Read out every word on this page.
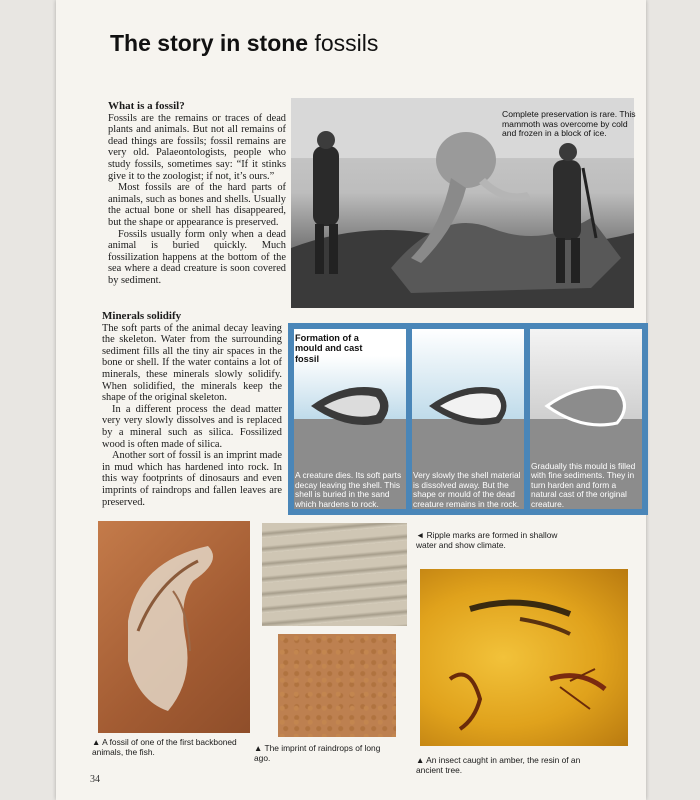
The story in stone fossils
What is a fossil?

Fossils are the remains or traces of dead plants and animals. But not all remains of dead things are fossils; fossil remains are very old. Palaeontologists, people who study fossils, sometimes say: “If it stinks give it to the zoologist; if not, it’s ours.”

Most fossils are of the hard parts of animals, such as bones and shells. Usually the actual bone or shell has disappeared, but the shape or appearance is preserved.

Fossils usually form only when a dead animal is buried quickly. Much fossilization happens at the bottom of the sea where a dead creature is soon covered by sediment.

Minerals solidify

The soft parts of the animal decay leaving the skeleton. Water from the surrounding sediment fills all the tiny air spaces in the bone or shell. If the water contains a lot of minerals, these minerals slowly solidify. When solidified, the minerals keep the shape of the original skeleton.

In a different process the dead matter very very slowly dissolves and is replaced by a mineral such as silica. Fossilized wood is often made of silica.

Another sort of fossil is an imprint made in mud which has hardened into rock. In this way footprints of dinosaurs and even imprints of raindrops and fallen leaves are preserved.

Complete preservation is rare. This mammoth was overcome by cold and frozen in a block of ice.
Formation of a mould and cast fossil
A creature dies. Its soft parts decay leaving the shell. This shell is buried in the sand which hardens to rock.
Very slowly the shell material is dissolved away. But the shape or mould of the dead creature remains in the rock.
Gradually this mould is filled with fine sediments. They in turn harden and form a natural cast of the original creature.
◄ Ripple marks are formed in shallow water and show climate.
▲ A fossil of one of the first backboned animals, the fish.	▲ The imprint of raindrops of long ago.	▲ An insect caught in amber, the resin of an ancient tree.
34
